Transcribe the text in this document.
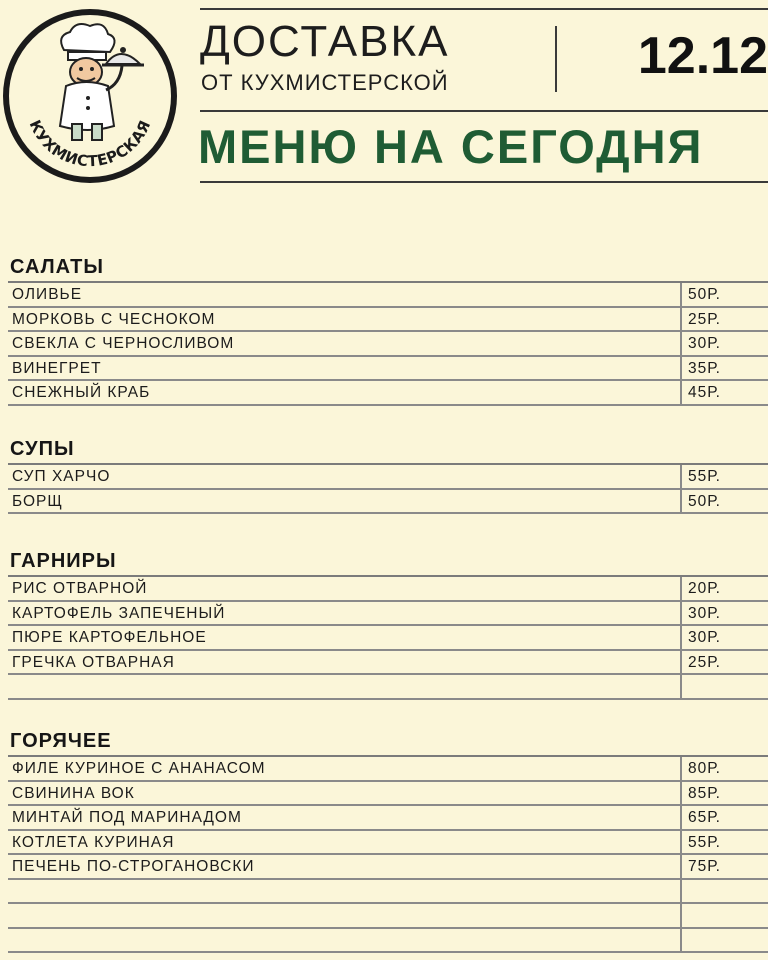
КУХМИСТЕРСКАЯ
ДОСТАВКА
ОТ КУХМИСТЕРСКОЙ	12.12
МЕНЮ НА СЕГОДНЯ
САЛАТЫ
ОЛИВЬЕ	50Р.
МОРКОВЬ С ЧЕСНОКОМ	25Р.
СВЕКЛА С ЧЕРНОСЛИВОМ	30Р.
ВИНЕГРЕТ	35Р.
СНЕЖНЫЙ КРАБ	45Р.
СУПЫ
СУП ХАРЧО	55Р.
БОРЩ	50Р.
ГАРНИРЫ
РИС ОТВАРНОЙ	20Р.
КАРТОФЕЛЬ ЗАПЕЧЕНЫЙ	30Р.
ПЮРЕ КАРТОФЕЛЬНОЕ	30Р.
ГРЕЧКА ОТВАРНАЯ	25Р.
ГОРЯЧЕЕ
ФИЛЕ КУРИНОЕ С АНАНАСОМ	80Р.
СВИНИНА ВОК	85Р.
МИНТАЙ ПОД МАРИНАДОМ	65Р.
КОТЛЕТА КУРИНАЯ	55Р.
ПЕЧЕНЬ ПО-СТРОГАНОВСКИ	75Р.
